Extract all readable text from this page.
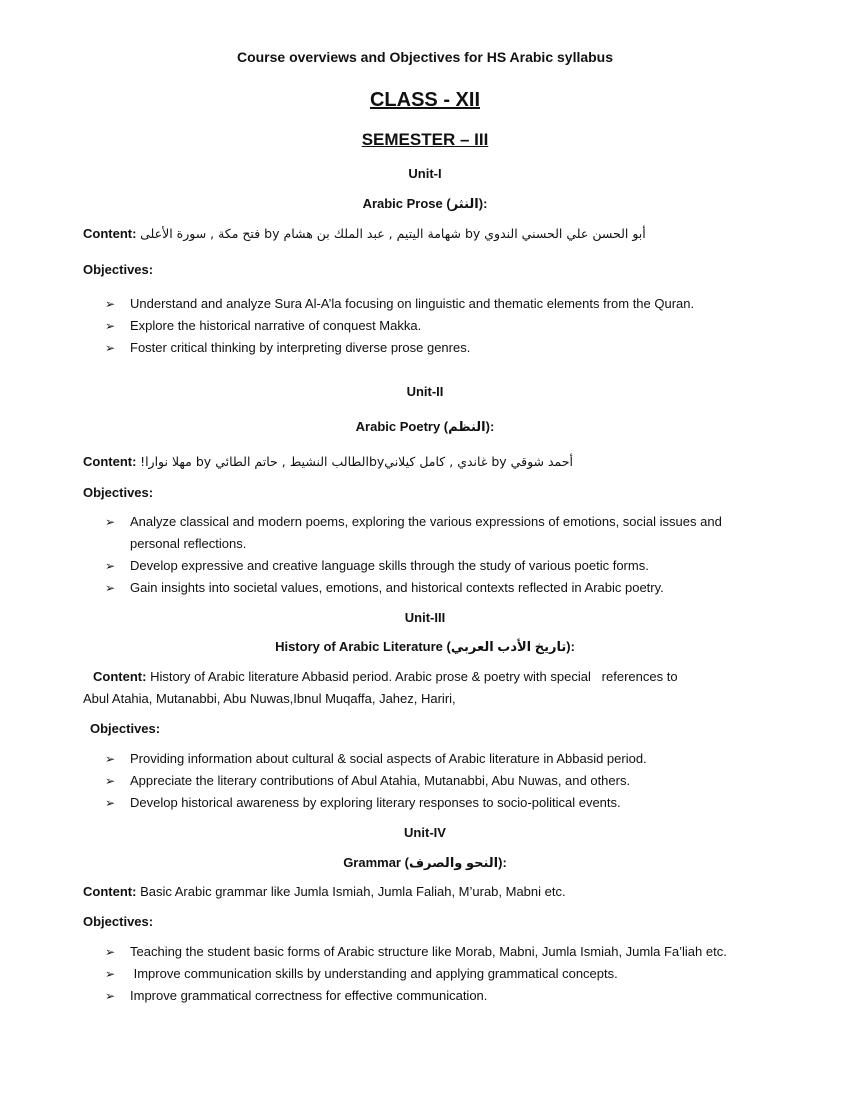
Course overviews and Objectives for HS Arabic syllabus
CLASS - XII
SEMESTER – III
Unit-I
Arabic Prose (النثر):
Content:	أبو الحسن علي الحسني الندوي by شهامة اليتيم , عبد الملك بن هشام by فتح مكة , سورة الأعلى
Objectives:
➢ Understand and analyze Sura Al-A’la focusing on linguistic and thematic elements from the Quran.
➢ Explore the historical narrative of conquest Makka.
➢ Foster critical thinking by interpreting diverse prose genres.
Unit-II
Arabic Poetry (النظم):
Content:	أحمد شوقي by غاندي , كامل كيلانيbyالطالب النشيط , حاتم الطائي by مهلا نوارا!
Objectives:
➢ Analyze classical and modern poems, exploring the various expressions of emotions, social issues and personal reflections.
➢ Develop expressive and creative language skills through the study of various poetic forms.
➢ Gain insights into societal values, emotions, and historical contexts reflected in Arabic poetry.
Unit-III
History of Arabic Literature (تاريخ الأدب العربي):
Content: History of Arabic literature Abbasid period. Arabic prose & poetry with special   references to
Abul Atahia, Mutanabbi, Abu Nuwas,Ibnul Muqaffa, Jahez, Hariri,
Objectives:
➢ Providing information about cultural & social aspects of Arabic literature in Abbasid period.
➢ Appreciate the literary contributions of Abul Atahia, Mutanabbi, Abu Nuwas, and others.
➢ Develop historical awareness by exploring literary responses to socio-political events.
Unit-IV
Grammar (النحو والصرف):
Content: Basic Arabic grammar like Jumla Ismiah, Jumla Faliah, M’urab, Mabni etc.
Objectives:
➢ Teaching the student basic forms of Arabic structure like Morab, Mabni, Jumla Ismiah, Jumla Fa’liah etc.
➢ Improve communication skills by understanding and applying grammatical concepts.
➢ Improve grammatical correctness for effective communication.
